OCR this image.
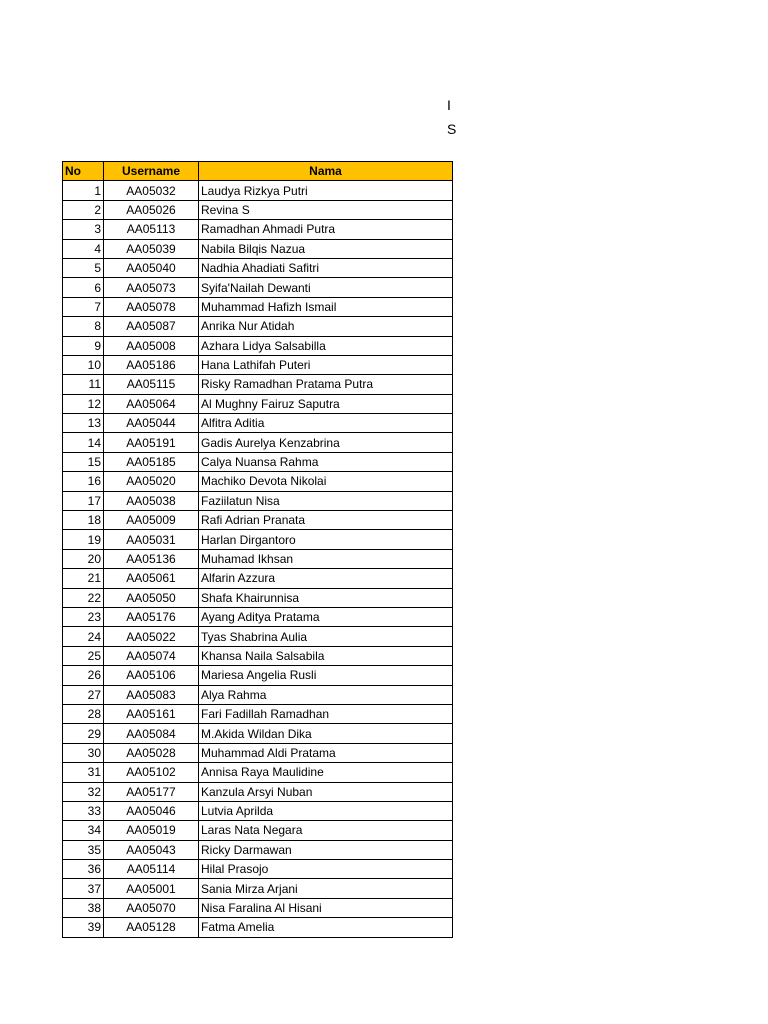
I
S
No	Username	Nama
1	AA05032	Laudya Rizkya Putri
2	AA05026	Revina S
3	AA05113	Ramadhan Ahmadi Putra
4	AA05039	Nabila Bilqis Nazua
5	AA05040	Nadhia Ahadiati Safitri
6	AA05073	Syifa'Nailah Dewanti
7	AA05078	Muhammad Hafizh Ismail
8	AA05087	Anrika Nur Atidah
9	AA05008	Azhara Lidya Salsabilla
10	AA05186	Hana Lathifah Puteri
11	AA05115	Risky Ramadhan Pratama Putra
12	AA05064	Al Mughny Fairuz Saputra
13	AA05044	Alfitra Aditia
14	AA05191	Gadis Aurelya Kenzabrina
15	AA05185	Calya Nuansa Rahma
16	AA05020	Machiko Devota Nikolai
17	AA05038	Faziilatun Nisa
18	AA05009	Rafi Adrian Pranata
19	AA05031	Harlan Dirgantoro
20	AA05136	Muhamad Ikhsan
21	AA05061	Alfarin Azzura
22	AA05050	Shafa Khairunnisa
23	AA05176	Ayang Aditya Pratama
24	AA05022	Tyas Shabrina Aulia
25	AA05074	Khansa Naila Salsabila
26	AA05106	Mariesa Angelia Rusli
27	AA05083	Alya Rahma
28	AA05161	Fari Fadillah Ramadhan
29	AA05084	M.Akida Wildan Dika
30	AA05028	Muhammad Aldi Pratama
31	AA05102	Annisa Raya Maulidine
32	AA05177	Kanzula Arsyi Nuban
33	AA05046	Lutvia Aprilda
34	AA05019	Laras Nata Negara
35	AA05043	Ricky Darmawan
36	AA05114	Hilal Prasojo
37	AA05001	Sania Mirza Arjani
38	AA05070	Nisa Faralina Al Hisani
39	AA05128	Fatma Amelia
